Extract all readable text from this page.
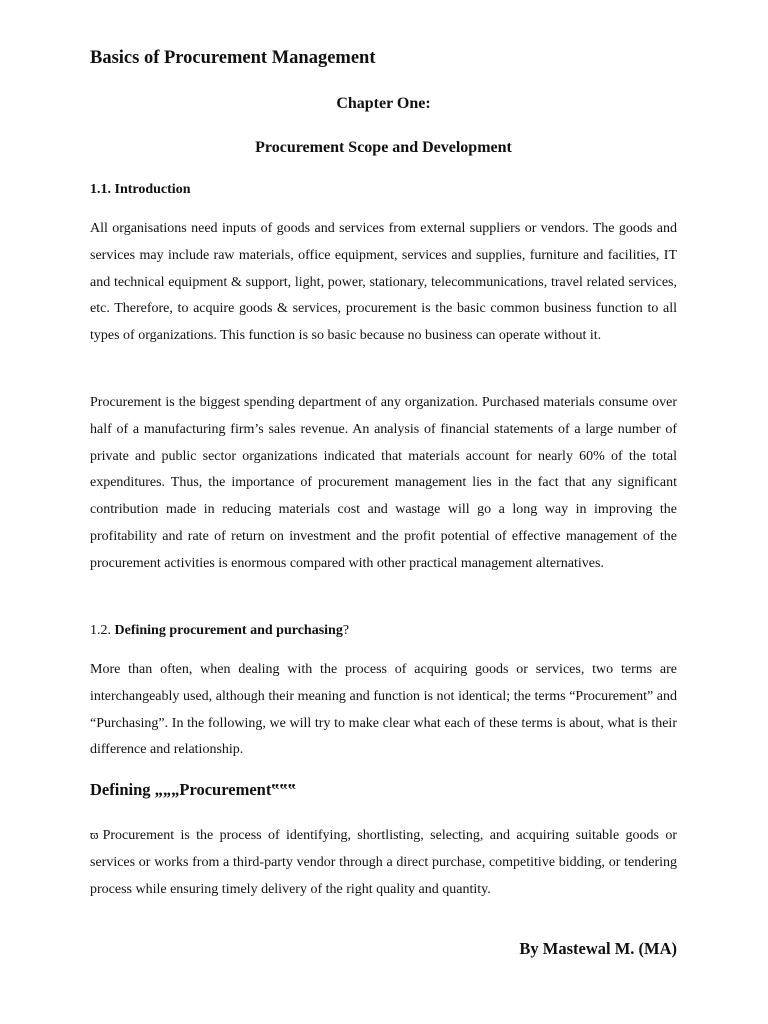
Basics of Procurement Management
Chapter One:
Procurement Scope and Development
1.1. Introduction

All organisations need inputs of goods and services from external suppliers or vendors. The goods and services may include raw materials, office equipment, services and supplies, furniture and facilities, IT and technical equipment & support, light, power, stationary, telecommunications, travel related services, etc. Therefore, to acquire goods & services, procurement is the basic common business function to all types of organizations. This function is so basic because no business can operate without it.

Procurement is the biggest spending department of any organization. Purchased materials consume over half of a manufacturing firm’s sales revenue. An analysis of financial statements of a large number of private and public sector organizations indicated that materials account for nearly 60% of the total expenditures. Thus, the importance of procurement management lies in the fact that any significant contribution made in reducing materials cost and wastage will go a long way in improving the profitability and rate of return on investment and the profit potential of effective management of the procurement activities is enormous compared with other practical management alternatives.

1.2. Defining procurement and purchasing?

More than often, when dealing with the process of acquiring goods or services, two terms are interchangeably used, although their meaning and function is not identical; the terms “Procurement” and “Purchasing”. In the following, we will try to make clear what each of these terms is about, what is their difference and relationship.

Defining „„„Procurement‟‟‟

ϖ Procurement is the process of identifying, shortlisting, selecting, and acquiring suitable goods or services or works from a third-party vendor through a direct purchase, competitive bidding, or tendering process while ensuring timely delivery of the right quality and quantity.

By Mastewal M. (MA)
